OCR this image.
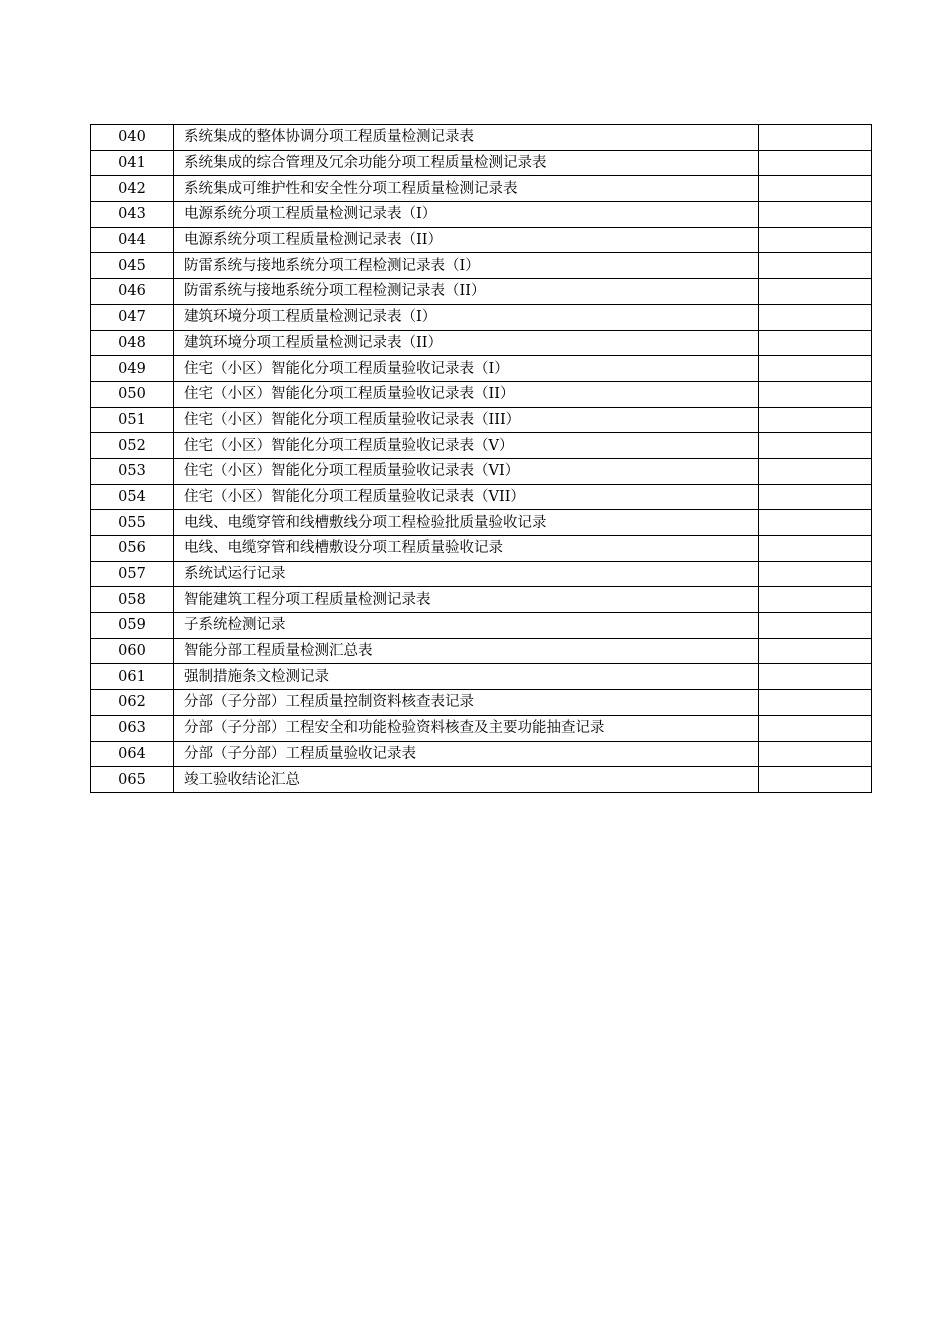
040	系统集成的整体协调分项工程质量检测记录表	
041	系统集成的综合管理及冗余功能分项工程质量检测记录表	
042	系统集成可维护性和安全性分项工程质量检测记录表	
043	电源系统分项工程质量检测记录表（I）	
044	电源系统分项工程质量检测记录表（II）	
045	防雷系统与接地系统分项工程检测记录表（I）	
046	防雷系统与接地系统分项工程检测记录表（II）	
047	建筑环境分项工程质量检测记录表（I）	
048	建筑环境分项工程质量检测记录表（II）	
049	住宅（小区）智能化分项工程质量验收记录表（I）	
050	住宅（小区）智能化分项工程质量验收记录表（II）	
051	住宅（小区）智能化分项工程质量验收记录表（III）	
052	住宅（小区）智能化分项工程质量验收记录表（V）	
053	住宅（小区）智能化分项工程质量验收记录表（VI）	
054	住宅（小区）智能化分项工程质量验收记录表（VII）	
055	电线、电缆穿管和线槽敷线分项工程检验批质量验收记录	
056	电线、电缆穿管和线槽敷设分项工程质量验收记录	
057	系统试运行记录	
058	智能建筑工程分项工程质量检测记录表	
059	子系统检测记录	
060	智能分部工程质量检测汇总表	
061	强制措施条文检测记录	
062	分部（子分部）工程质量控制资料核查表记录	
063	分部（子分部）工程安全和功能检验资料核查及主要功能抽查记录	
064	分部（子分部）工程质量验收记录表	
065	竣工验收结论汇总	
